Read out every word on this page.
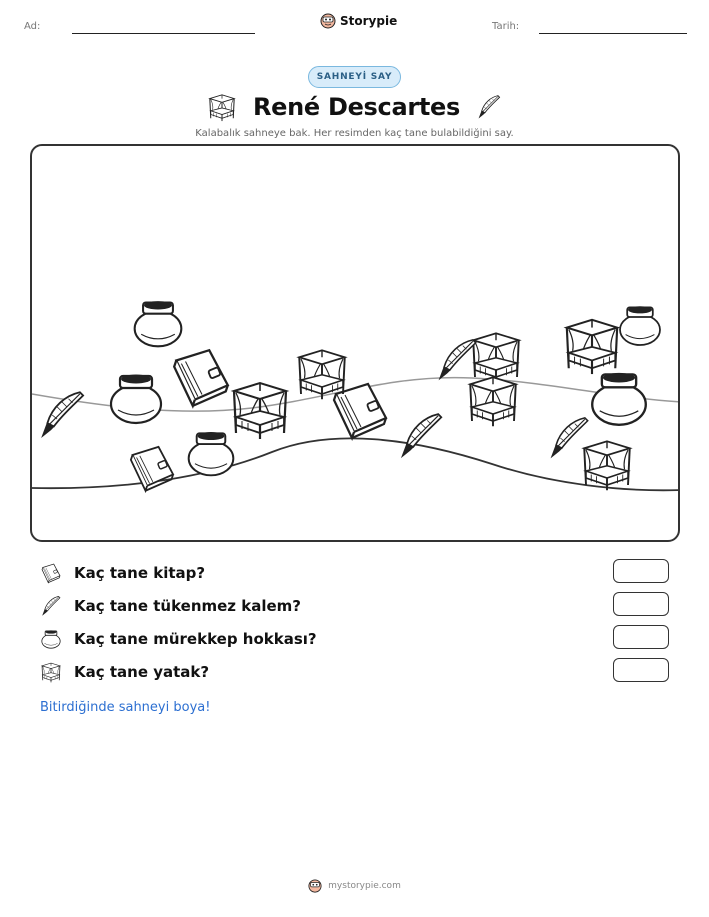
Ad:	Storypie	Tarih:
SAHNEYİ SAY
René Descartes
Kalabalık sahneye bak. Her resimden kaç tane bulabildiğini say.
Kaç tane kitap?
Kaç tane tükenmez kalem?
Kaç tane mürekkep hokkası?
Kaç tane yatak?
Bitirdiğinde sahneyi boya!
mystorypie.com
